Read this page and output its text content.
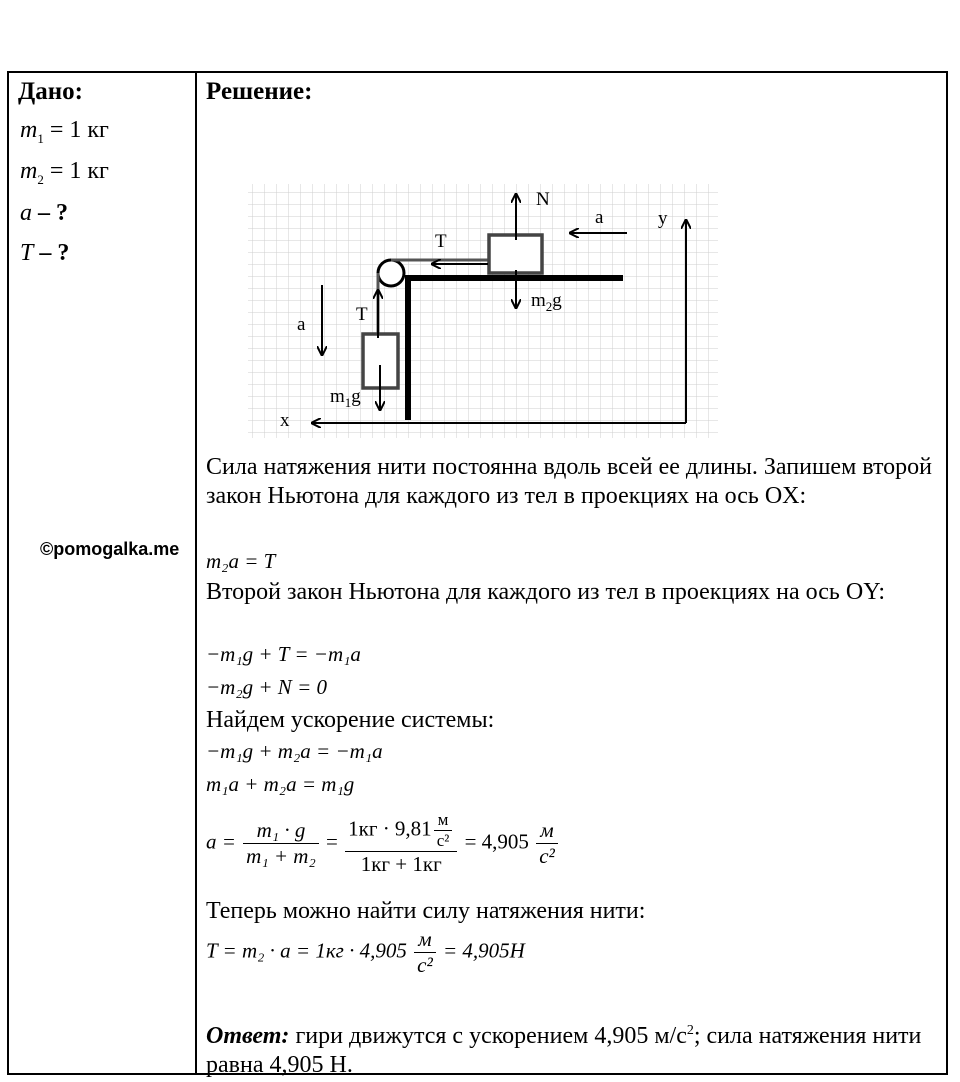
Дано:
$m_1 = 1$ кг
$m_2 = 1$ кг
a – ?
T – ?
©pomogalka.me
Решение:
N
a	y
T
$m_2g$
a	T
$m_1g$
x
Сила натяжения нити постоянна вдоль всей ее длины. Запишем второй закон Ньютона для каждого из тел в проекциях на ось OX:
m₂a = T
Второй закон Ньютона для каждого из тел в проекциях на ось OY:
−m₁g + T = −m₁a
−m₂g + N = 0
Найдем ускорение системы:
−m₁g + m₂a = −m₁a
m₁a + m₂a = m₁g
$a = \frac{\text{m₁ · g}}{\text{m₁ + m₂}} = \frac{1кг \cdot 9,81 \frac{м}{\text{с²}}}{1кг + 1кг} = 4,905 \frac{м}{\text{с²}}$
Теперь можно найти силу натяжения нити:
$T = m_2 \cdot a = 1кг \cdot 4,905 \frac{м}{\text{с²}} = 4,905H$
Ответ: гири движутся с ускорением 4,905 $м/с^2$; сила натяжения нити равна 4,905 Н.
